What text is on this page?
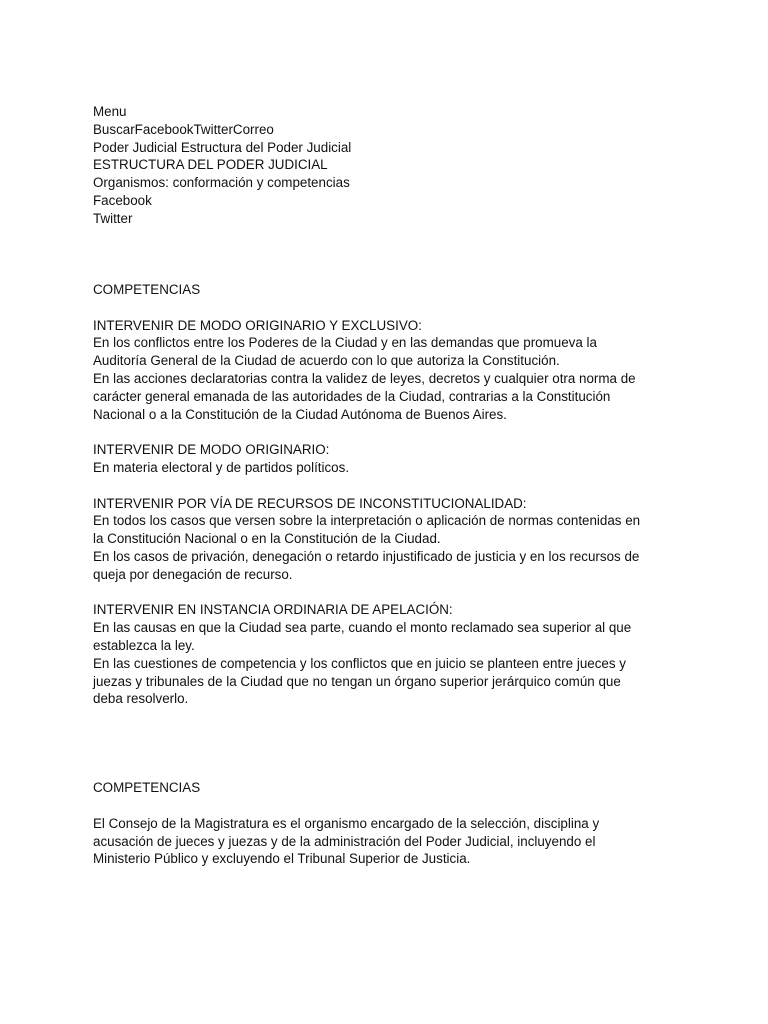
Menu
BuscarFacebookTwitterCorreo
Poder Judicial Estructura del Poder Judicial
ESTRUCTURA DEL PODER JUDICIAL
Organismos: conformación y competencias
Facebook
Twitter
COMPETENCIAS
INTERVENIR DE MODO ORIGINARIO Y EXCLUSIVO:
En los conflictos entre los Poderes de la Ciudad y en las demandas que promueva la
Auditoría General de la Ciudad de acuerdo con lo que autoriza la Constitución.
En las acciones declaratorias contra la validez de leyes, decretos y cualquier otra norma de
carácter general emanada de las autoridades de la Ciudad, contrarias a la Constitución
Nacional o a la Constitución de la Ciudad Autónoma de Buenos Aires.
INTERVENIR DE MODO ORIGINARIO:
En materia electoral y de partidos políticos.
INTERVENIR POR VÍA DE RECURSOS DE INCONSTITUCIONALIDAD:
En todos los casos que versen sobre la interpretación o aplicación de normas contenidas en
la Constitución Nacional o en la Constitución de la Ciudad.
En los casos de privación, denegación o retardo injustificado de justicia y en los recursos de
queja por denegación de recurso.
INTERVENIR EN INSTANCIA ORDINARIA DE APELACIÓN:
En las causas en que la Ciudad sea parte, cuando el monto reclamado sea superior al que
establezca la ley.
En las cuestiones de competencia y los conflictos que en juicio se planteen entre jueces y
juezas y tribunales de la Ciudad que no tengan un órgano superior jerárquico común que
deba resolverlo.
COMPETENCIAS
El Consejo de la Magistratura es el organismo encargado de la selección, disciplina y
acusación de jueces y juezas y de la administración del Poder Judicial, incluyendo el
Ministerio Público y excluyendo el Tribunal Superior de Justicia.
